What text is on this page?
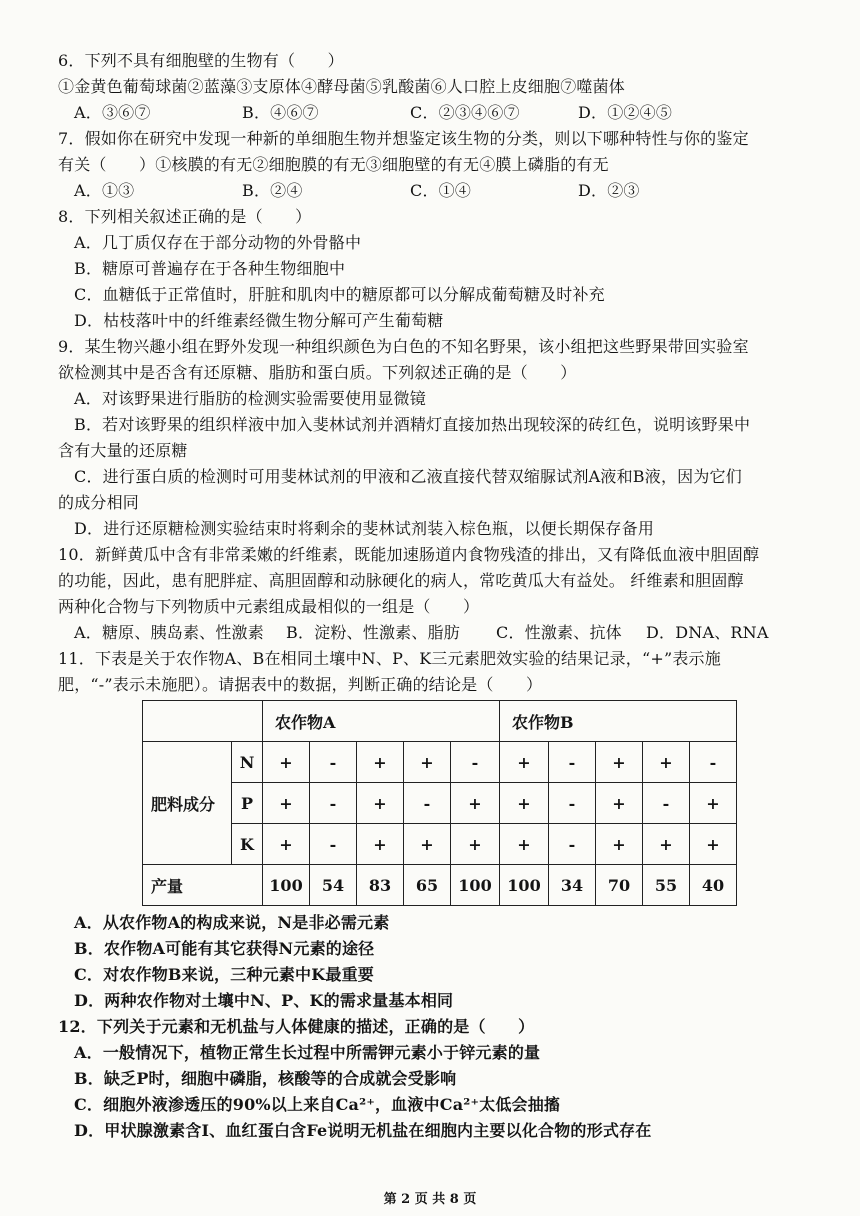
6．下列不具有细胞壁的生物有（　　）
①金黄色葡萄球菌②蓝藻③支原体④酵母菌⑤乳酸菌⑥人口腔上皮细胞⑦噬菌体
A．③⑥⑦	B．④⑥⑦	C．②③④⑥⑦	D．①②④⑤
7．假如你在研究中发现一种新的单细胞生物并想鉴定该生物的分类，则以下哪种特性与你的鉴定
有关（　　）①核膜的有无②细胞膜的有无③细胞壁的有无④膜上磷脂的有无
A．①③	B．②④	C．①④	D．②③
8．下列相关叙述正确的是（　　）
A．几丁质仅存在于部分动物的外骨骼中
B．糖原可普遍存在于各种生物细胞中
C．血糖低于正常值时，肝脏和肌肉中的糖原都可以分解成葡萄糖及时补充
D．枯枝落叶中的纤维素经微生物分解可产生葡萄糖
9．某生物兴趣小组在野外发现一种组织颜色为白色的不知名野果，该小组把这些野果带回实验室
欲检测其中是否含有还原糖、脂肪和蛋白质。下列叙述正确的是（　　）
A．对该野果进行脂肪的检测实验需要使用显微镜
B．若对该野果的组织样液中加入斐林试剂并酒精灯直接加热出现较深的砖红色，说明该野果中
含有大量的还原糖
C．进行蛋白质的检测时可用斐林试剂的甲液和乙液直接代替双缩脲试剂A液和B液，因为它们
的成分相同
D．进行还原糖检测实验结束时将剩余的斐林试剂装入棕色瓶，以便长期保存备用
10．新鲜黄瓜中含有非常柔嫩的纤维素，既能加速肠道内食物残渣的排出，又有降低血液中胆固醇
的功能，因此，患有肥胖症、高胆固醇和动脉硬化的病人，常吃黄瓜大有益处。 纤维素和胆固醇
两种化合物与下列物质中元素组成最相似的一组是（　　）
A．糖原、胰岛素、性激素	B．淀粉、性激素、脂肪	C．性激素、抗体	D．DNA、RNA
11．下表是关于农作物A、B在相同土壤中N、P、K三元素肥效实验的结果记录，“+”表示施
肥，“-”表示未施肥）。请据表中的数据，判断正确的结论是（　　）
		农作物A					农作物B				
肥料成分	N	+	-	+	+	-	+	-	+	+	-
	P	+	-	+	-	+	+	-	+	-	+
	K	+	-	+	+	+	+	-	+	+	+
产量		100	54	83	65	100	100	34	70	55	40
A．从农作物A的构成来说，N是非必需元素
B．农作物A可能有其它获得N元素的途径
C．对农作物B来说，三种元素中K最重要
D．两种农作物对土壤中N、P、K的需求量基本相同
12．下列关于元素和无机盐与人体健康的描述，正确的是（　　）
A．一般情况下，植物正常生长过程中所需钾元素小于锌元素的量
B．缺乏P时，细胞中磷脂，核酸等的合成就会受影响
C．细胞外液渗透压的90%以上来自Ca²⁺，血液中Ca²⁺太低会抽搐
D．甲状腺激素含I、血红蛋白含Fe说明无机盐在细胞内主要以化合物的形式存在
第 2 页 共 8 页
